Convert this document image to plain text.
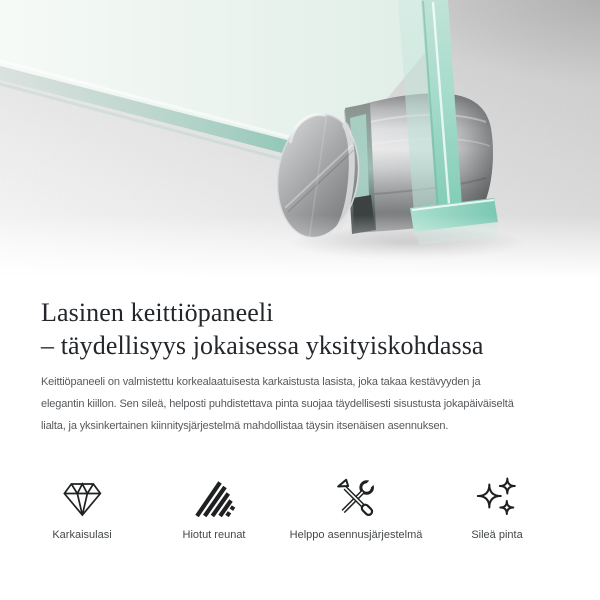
Lasinen keittiöpaneeli
– täydellisyys jokaisessa yksityiskohdassa

Keittiöpaneeli on valmistettu korkealaatuisesta karkaistusta lasista, joka takaa kestävyyden ja
elegantin kiillon. Sen sileä, helposti puhdistettava pinta suojaa täydellisesti sisustusta jokapäiväiseltä
lialta, ja yksinkertainen kiinnitysjärjestelmä mahdollistaa täysin itsenäisen asennuksen.

Karkaisulasi	Hiotut reunat	Helppo asennusjärjestelmä	Sileä pinta
